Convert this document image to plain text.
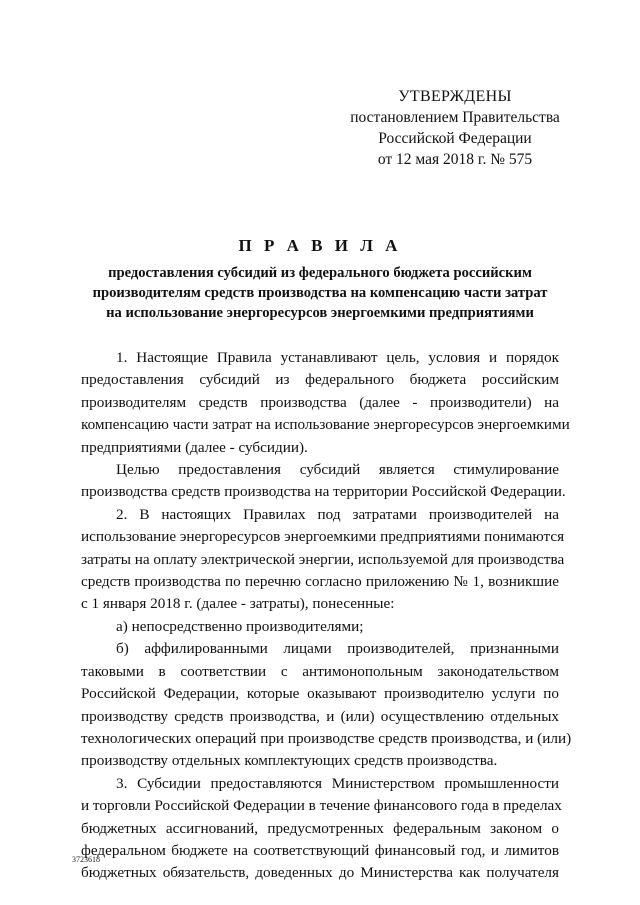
УТВЕРЖДЕНЫ
постановлением Правительства
Российской Федерации
от 12 мая 2018 г. № 575
П Р А В И Л А
предоставления субсидий из федерального бюджета российским
производителям средств производства на компенсацию части затрат
на использование энергоресурсов энергоемкими предприятиями
1. Настоящие Правила устанавливают цель, условия и порядок
предоставления субсидий из федерального бюджета российским
производителям средств производства (далее - производители) на
компенсацию части затрат на использование энергоресурсов энергоемкими
предприятиями (далее - субсидии).
Целью предоставления субсидий является стимулирование
производства средств производства на территории Российской Федерации.
2. В настоящих Правилах под затратами производителей на
использование энергоресурсов энергоемкими предприятиями понимаются
затраты на оплату электрической энергии, используемой для производства
средств производства по перечню согласно приложению № 1, возникшие
с 1 января 2018 г. (далее - затраты), понесенные:
а) непосредственно производителями;
б) аффилированными лицами производителей, признанными
таковыми в соответствии с антимонопольным законодательством
Российской Федерации, которые оказывают производителю услуги по
производству средств производства, и (или) осуществлению отдельных
технологических операций при производстве средств производства, и (или)
производству отдельных комплектующих средств производства.
3. Субсидии предоставляются Министерством промышленности
и торговли Российской Федерации в течение финансового года в пределах
бюджетных ассигнований, предусмотренных федеральным законом о
федеральном бюджете на соответствующий финансовый год, и лимитов
бюджетных обязательств, доведенных до Министерства как получателя
3723618
